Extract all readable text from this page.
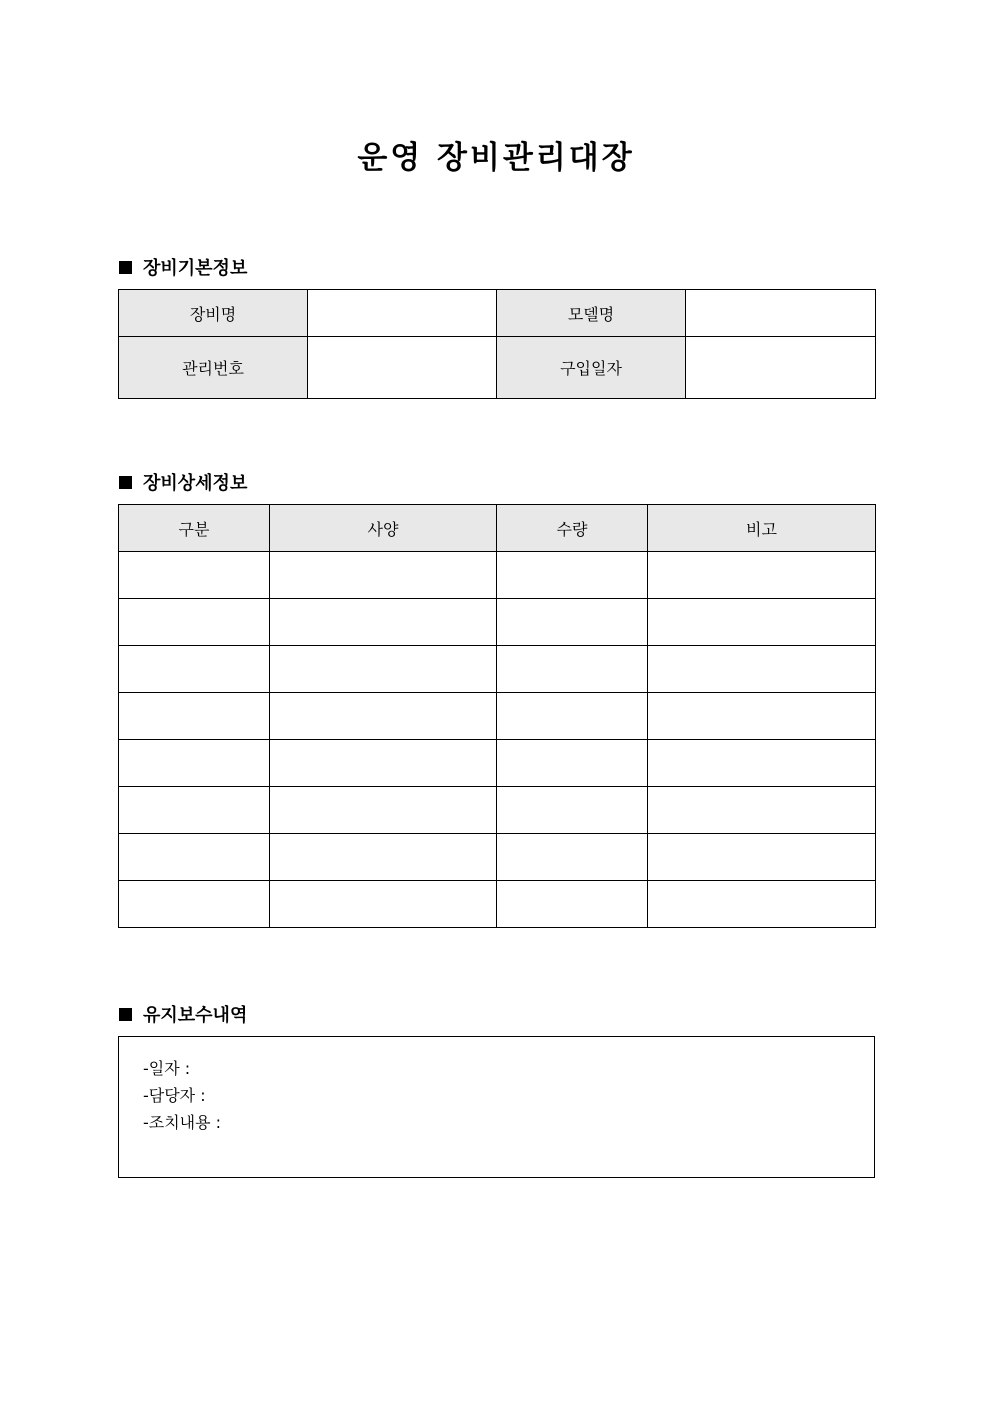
운영 장비관리대장
장비기본정보
장비명		모델명	
관리번호		구입일자	
장비상세정보
구분	사양	수량	비고

유지보수내역
-일자 :
-담당자 :
-조치내용 :
